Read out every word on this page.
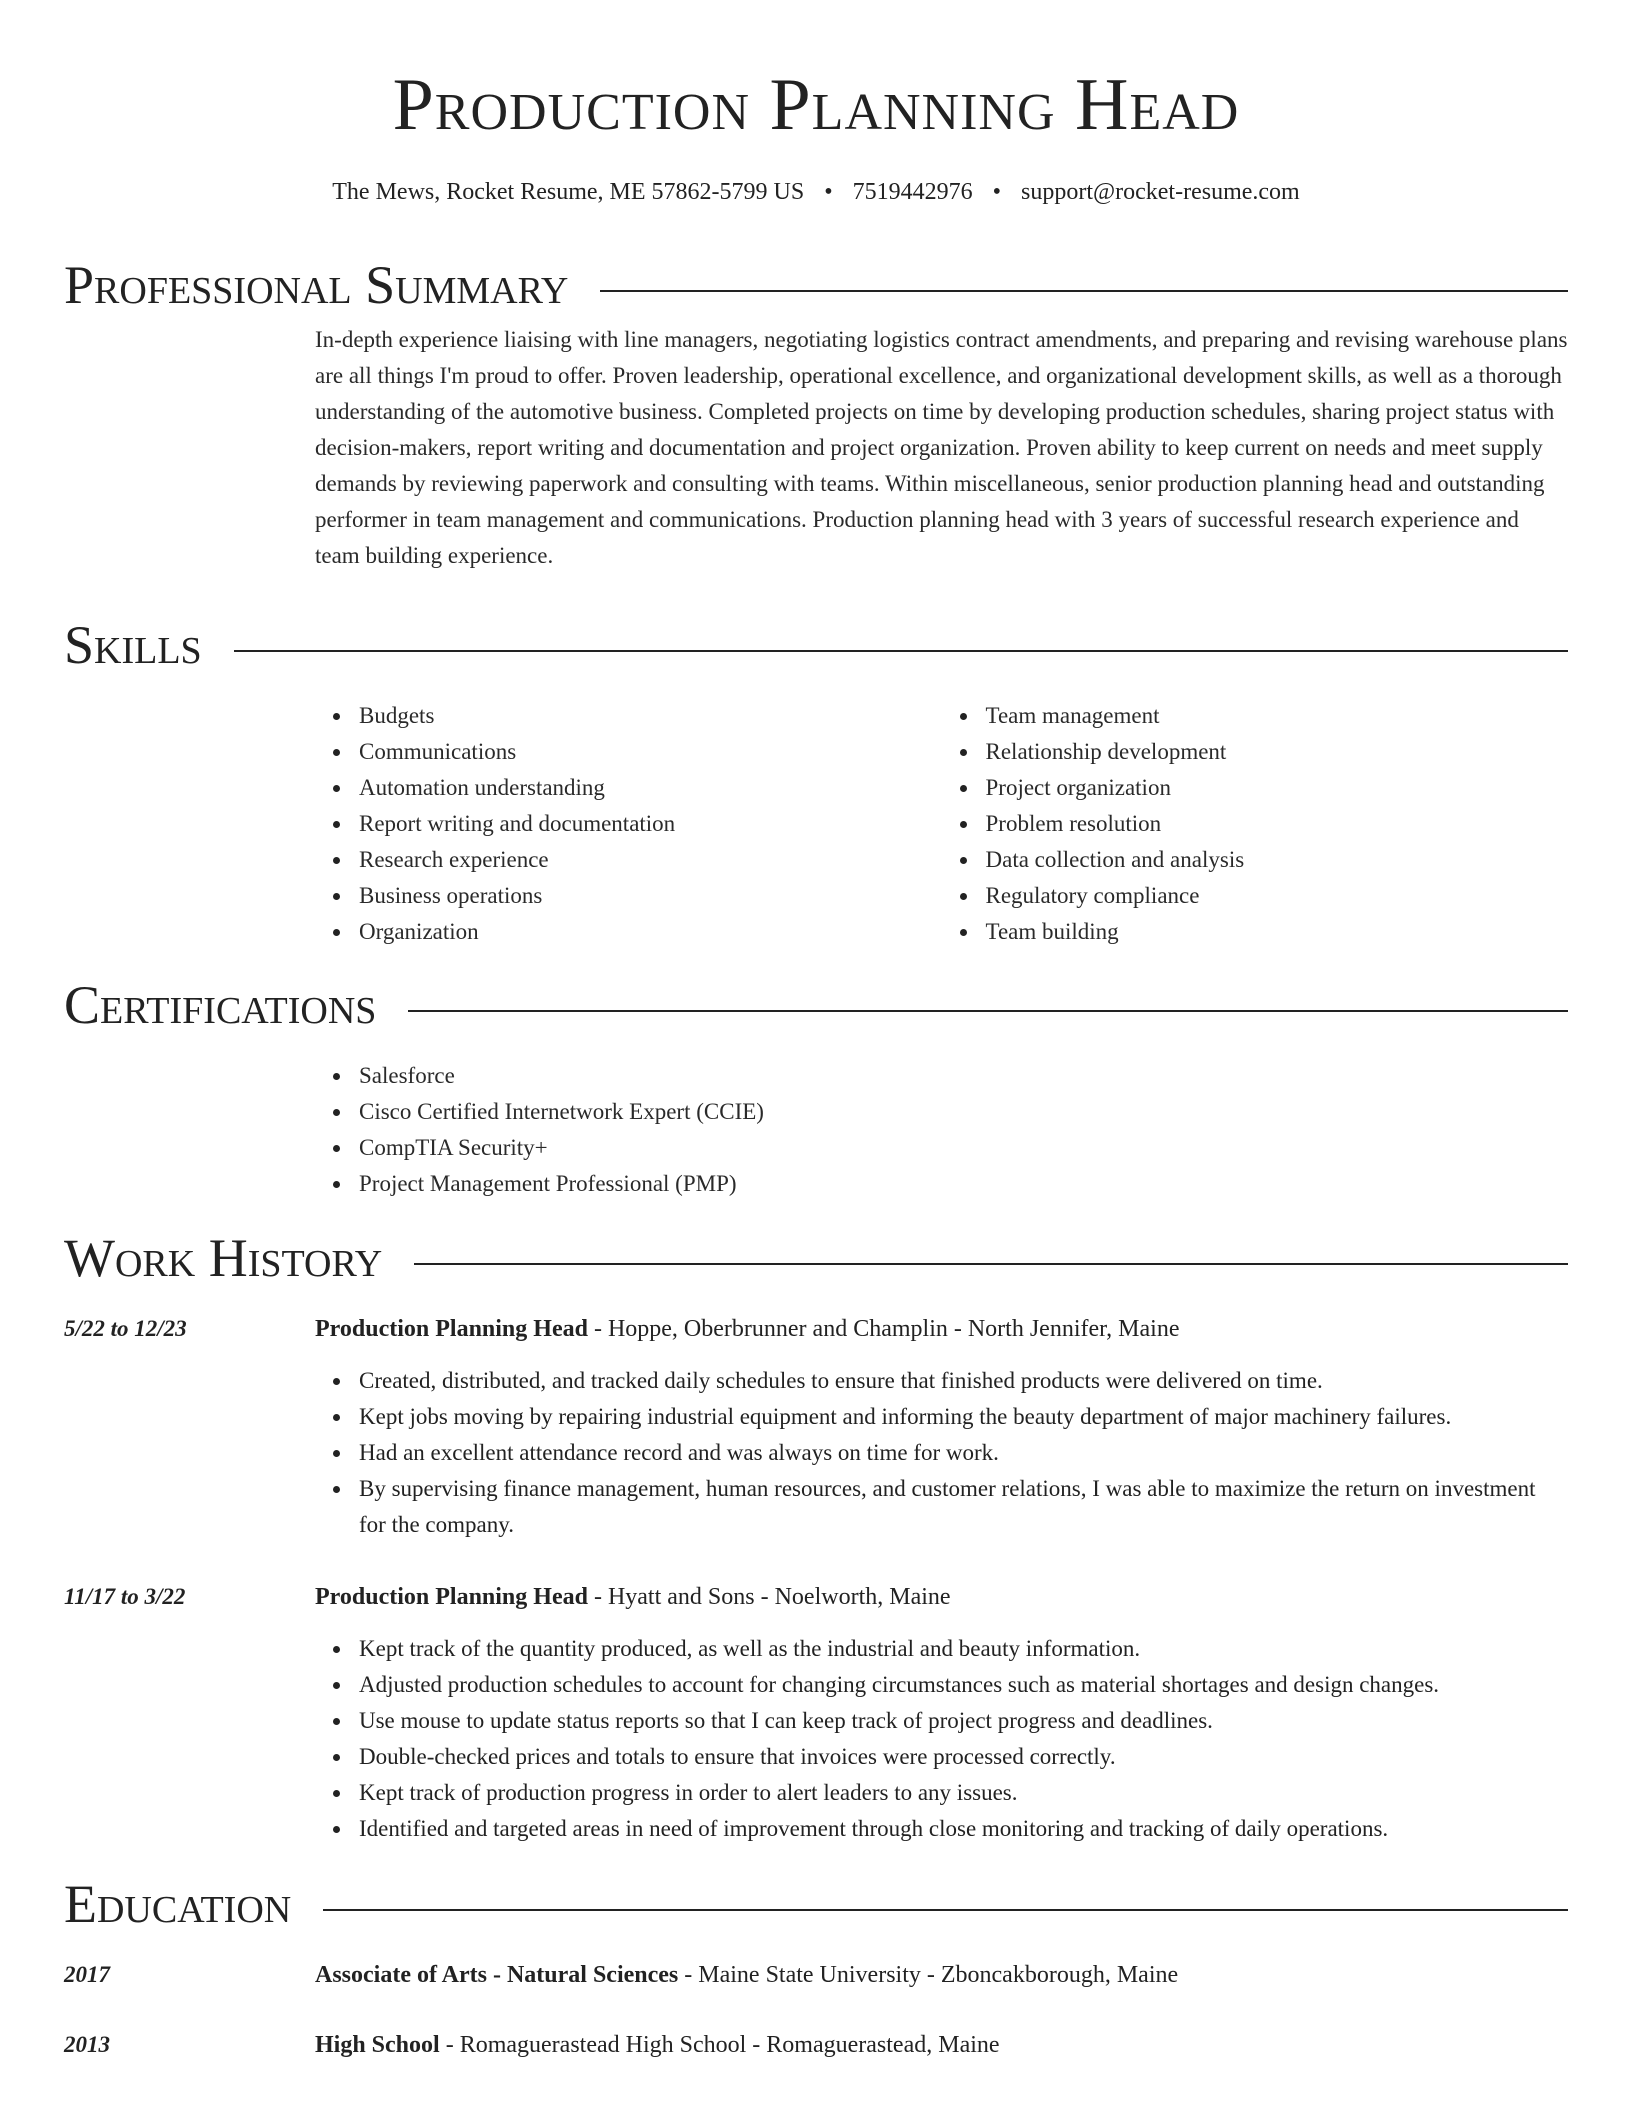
Production Planning Head
The Mews, Rocket Resume, ME 57862-5799 US • 7519442976 • support@rocket-resume.com
Professional Summary

In-depth experience liaising with line managers, negotiating logistics contract amendments, and preparing and revising warehouse plans are all things I'm proud to offer. Proven leadership, operational excellence, and organizational development skills, as well as a thorough understanding of the automotive business. Completed projects on time by developing production schedules, sharing project status with decision-makers, report writing and documentation and project organization. Proven ability to keep current on needs and meet supply demands by reviewing paperwork and consulting with teams. Within miscellaneous, senior production planning head and outstanding performer in team management and communications. Production planning head with 3 years of successful research experience and team building experience.

Skills
Budgets
Communications
Automation understanding
Report writing and documentation
Research experience
Business operations
Organization
Team management
Relationship development
Project organization
Problem resolution
Data collection and analysis
Regulatory compliance
Team building
Certifications
Salesforce
Cisco Certified Internetwork Expert (CCIE)
CompTIA Security+
Project Management Professional (PMP)
Work History
5/22 to 12/23	Production Planning Head - Hoppe, Oberbrunner and Champlin - North Jennifer, Maine
Created, distributed, and tracked daily schedules to ensure that finished products were delivered on time.
Kept jobs moving by repairing industrial equipment and informing the beauty department of major machinery failures.
Had an excellent attendance record and was always on time for work.
By supervising finance management, human resources, and customer relations, I was able to maximize the return on investment for the company.
11/17 to 3/22	Production Planning Head - Hyatt and Sons - Noelworth, Maine
Kept track of the quantity produced, as well as the industrial and beauty information.
Adjusted production schedules to account for changing circumstances such as material shortages and design changes.
Use mouse to update status reports so that I can keep track of project progress and deadlines.
Double-checked prices and totals to ensure that invoices were processed correctly.
Kept track of production progress in order to alert leaders to any issues.
Identified and targeted areas in need of improvement through close monitoring and tracking of daily operations.
Education
2017	Associate of Arts - Natural Sciences - Maine State University - Zboncakborough, Maine
2013	High School - Romaguerastead High School - Romaguerastead, Maine
